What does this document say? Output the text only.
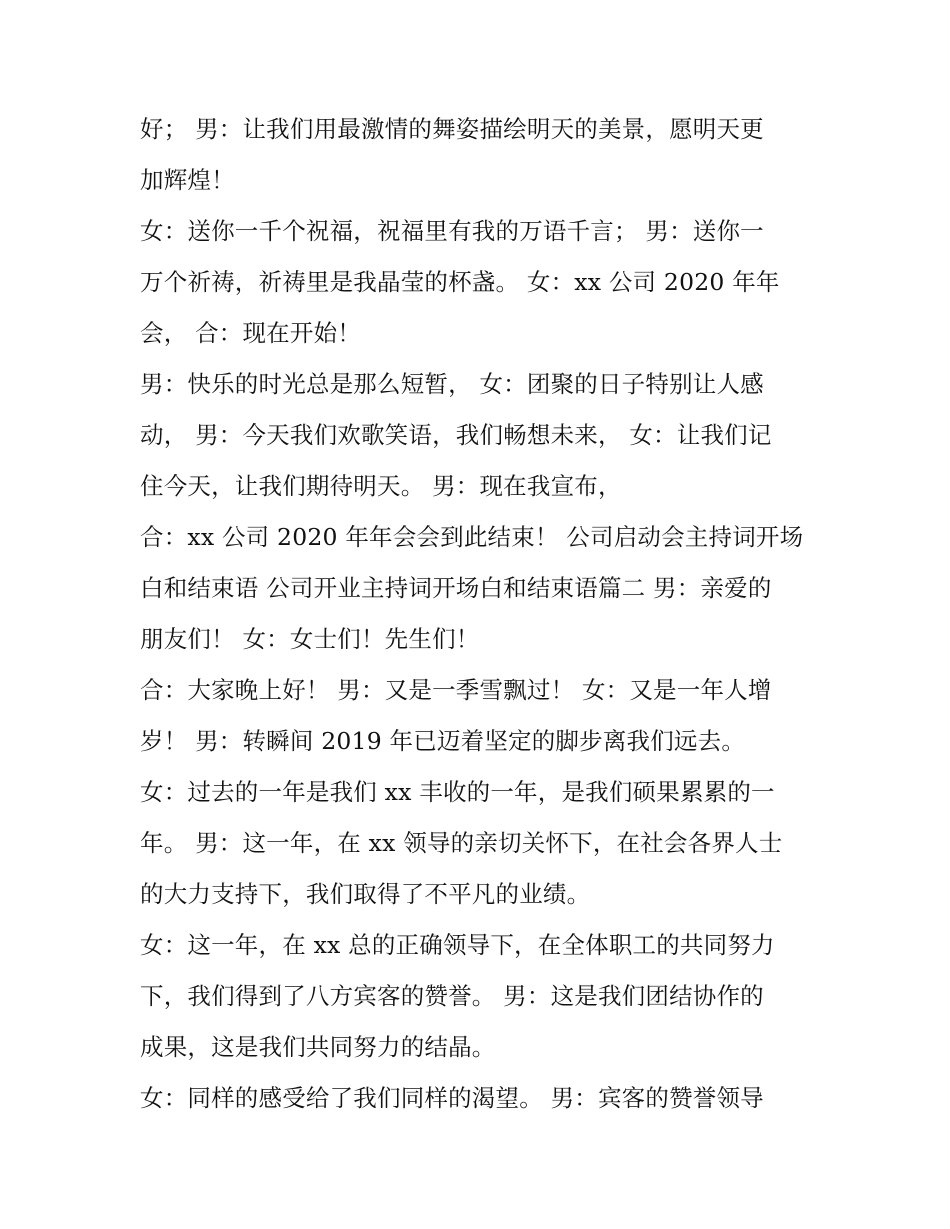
好； 男：让我们用最激情的舞姿描绘明天的美景，愿明天更
加辉煌！
女：送你一千个祝福，祝福里有我的万语千言； 男：送你一
万个祈祷，祈祷里是我晶莹的杯盏。 女：xx 公司 2020 年年
会， 合：现在开始！
男：快乐的时光总是那么短暂， 女：团聚的日子特别让人感
动， 男：今天我们欢歌笑语，我们畅想未来， 女：让我们记
住今天，让我们期待明天。 男：现在我宣布，
合：xx 公司 2020 年年会会到此结束！ 公司启动会主持词开场
白和结束语 公司开业主持词开场白和结束语篇二 男：亲爱的
朋友们！ 女：女士们！先生们！
合：大家晚上好！ 男：又是一季雪飘过！ 女：又是一年人增
岁！ 男：转瞬间 2019 年已迈着坚定的脚步离我们远去。
女：过去的一年是我们 xx 丰收的一年，是我们硕果累累的一
年。 男：这一年，在 xx 领导的亲切关怀下，在社会各界人士
的大力支持下，我们取得了不平凡的业绩。
女：这一年，在 xx 总的正确领导下，在全体职工的共同努力
下，我们得到了八方宾客的赞誉。 男：这是我们团结协作的
成果，这是我们共同努力的结晶。
女：同样的感受给了我们同样的渴望。 男：宾客的赞誉领导
